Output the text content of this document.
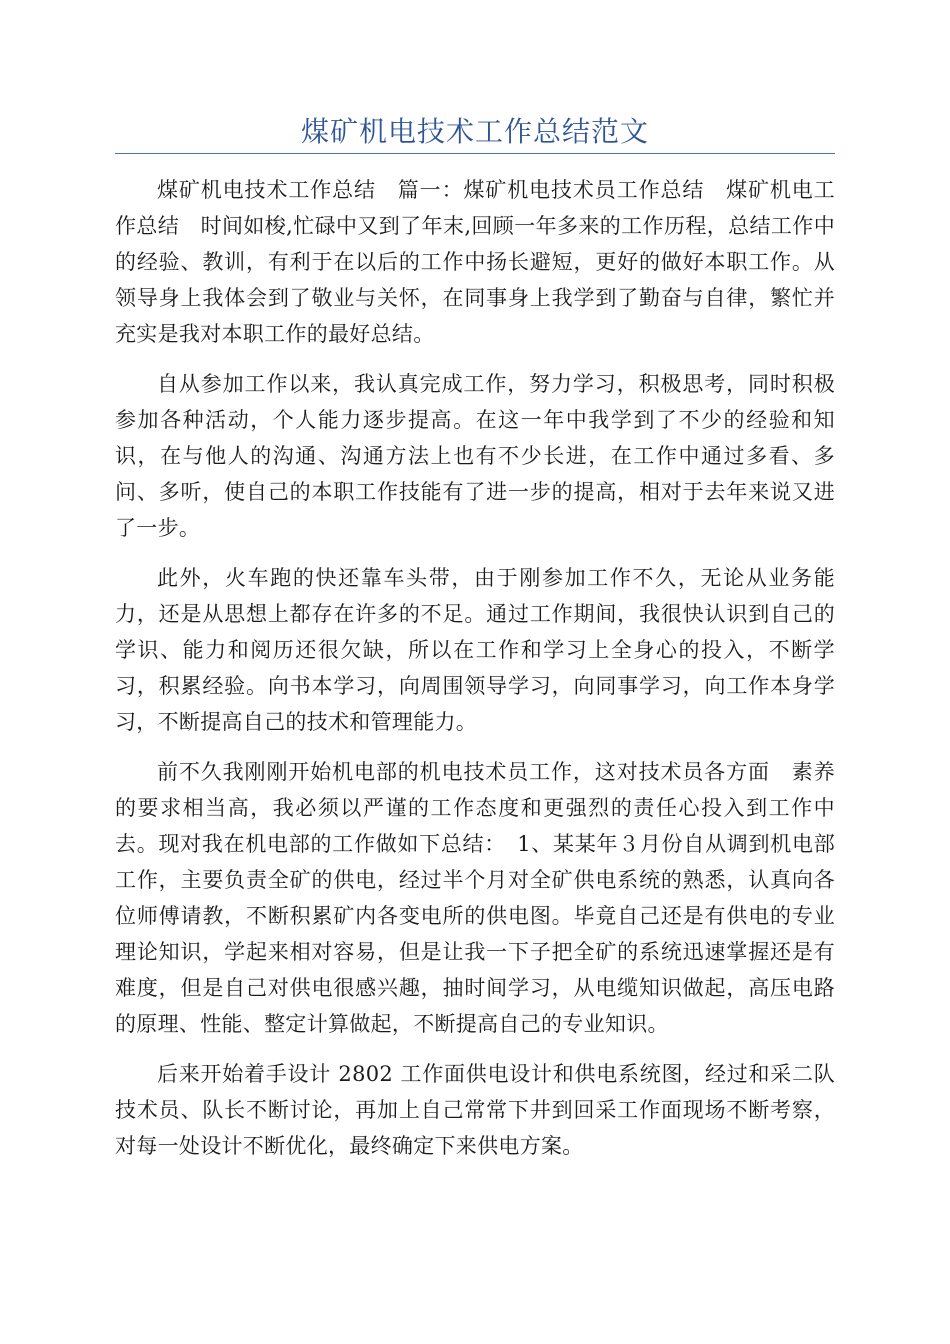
煤矿机电技术工作总结范文

煤矿机电技术工作总结　篇一：煤矿机电技术员工作总结　煤矿机电工作总结　时间如梭,忙碌中又到了年末,回顾一年多来的工作历程，总结工作中的经验、教训，有利于在以后的工作中扬长避短，更好的做好本职工作。从领导身上我体会到了敬业与关怀，在同事身上我学到了勤奋与自律，繁忙并充实是我对本职工作的最好总结。

自从参加工作以来，我认真完成工作，努力学习，积极思考，同时积极参加各种活动，个人能力逐步提高。在这一年中我学到了不少的经验和知识，在与他人的沟通、沟通方法上也有不少长进，在工作中通过多看、多问、多听，使自己的本职工作技能有了进一步的提高，相对于去年来说又进了一步。

此外，火车跑的快还靠车头带，由于刚参加工作不久，无论从业务能力，还是从思想上都存在许多的不足。通过工作期间，我很快认识到自己的学识、能力和阅历还很欠缺，所以在工作和学习上全身心的投入，不断学习，积累经验。向书本学习，向周围领导学习，向同事学习，向工作本身学习，不断提高自己的技术和管理能力。

前不久我刚刚开始机电部的机电技术员工作，这对技术员各方面　素养的要求相当高，我必须以严谨的工作态度和更强烈的责任心投入到工作中去。现对我在机电部的工作做如下总结：　1、某某年３月份自从调到机电部工作，主要负责全矿的供电，经过半个月对全矿供电系统的熟悉，认真向各位师傅请教，不断积累矿内各变电所的供电图。毕竟自己还是有供电的专业理论知识，学起来相对容易，但是让我一下子把全矿的系统迅速掌握还是有难度，但是自己对供电很感兴趣，抽时间学习，从电缆知识做起，高压电路的原理、性能、整定计算做起，不断提高自己的专业知识。

后来开始着手设计 2802 工作面供电设计和供电系统图，经过和采二队技术员、队长不断讨论，再加上自己常常下井到回采工作面现场不断考察，对每一处设计不断优化，最终确定下来供电方案。
